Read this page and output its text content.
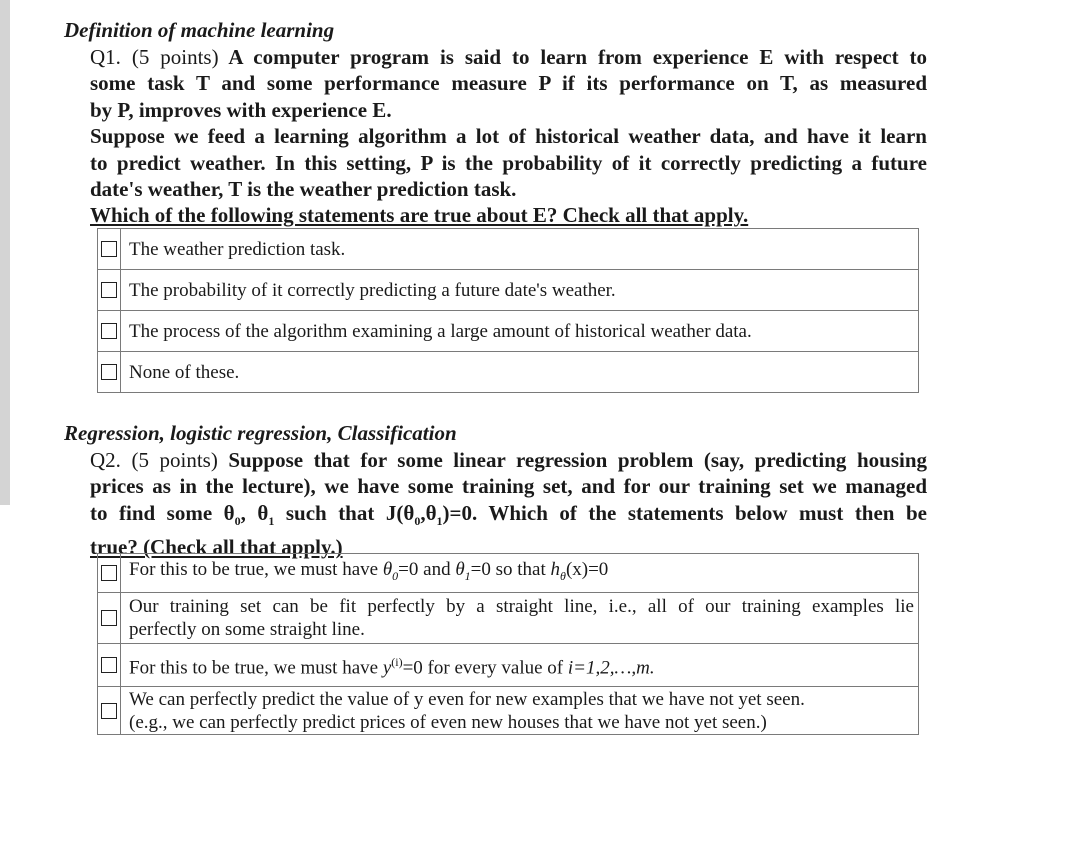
Definition of machine learning
Q1. (5 points) A computer program is said to learn from experience E with respect to
some task T and some performance measure P if its performance on T, as measured
by P, improves with experience E.
Suppose we feed a learning algorithm a lot of historical weather data, and have it learn
to predict weather. In this setting, P is the probability of it correctly predicting a future
date's weather, T is the weather prediction task.
Which of the following statements are true about E? Check all that apply.
	The weather prediction task.

	The probability of it correctly predicting a future date's weather.

	The process of the algorithm examining a large amount of historical weather data.

	None of these.
Regression, logistic regression, Classification
Q2. (5 points) Suppose that for some linear regression problem (say, predicting housing
prices as in the lecture), we have some training set, and for our training set we managed
to find some $\theta_0$, $\theta_1$ such that $J(\theta_0,\theta_1)=0$. Which of the statements below must then be
true? (Check all that apply.)
	For this to be true, we must have $\theta_0=0$ and $\theta_1=0$ so that $h_\theta(x)=0$

	Our training set can be fit perfectly by a straight line, i.e., all of our training examples lie
perfectly on some straight line.

	For this to be true, we must have $y^{(i)}=0$ for every value of i=1,2,…,m.

	We can perfectly predict the value of y even for new examples that we have not yet seen.
(e.g., we can perfectly predict prices of even new houses that we have not yet seen.)
